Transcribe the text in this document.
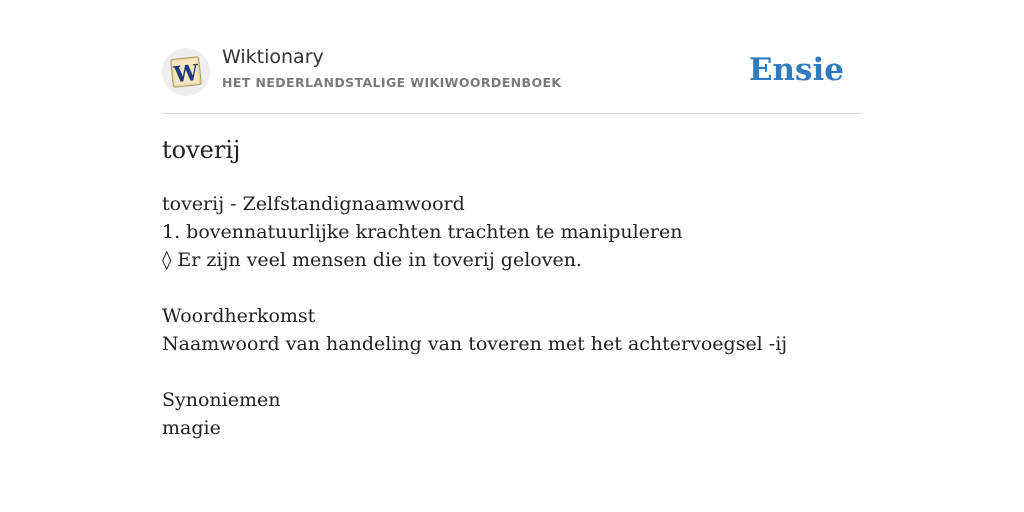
W
Wiktionary
HET NEDERLANDSTALIGE WIKIWOORDENBOEK	Ensie
toverij
toverij - Zelfstandignaamwoord
1. bovennatuurlijke krachten trachten te manipuleren
◊ Er zijn veel mensen die in toverij geloven.
Woordherkomst
Naamwoord van handeling van toveren met het achtervoegsel -ij
Synoniemen
magie
